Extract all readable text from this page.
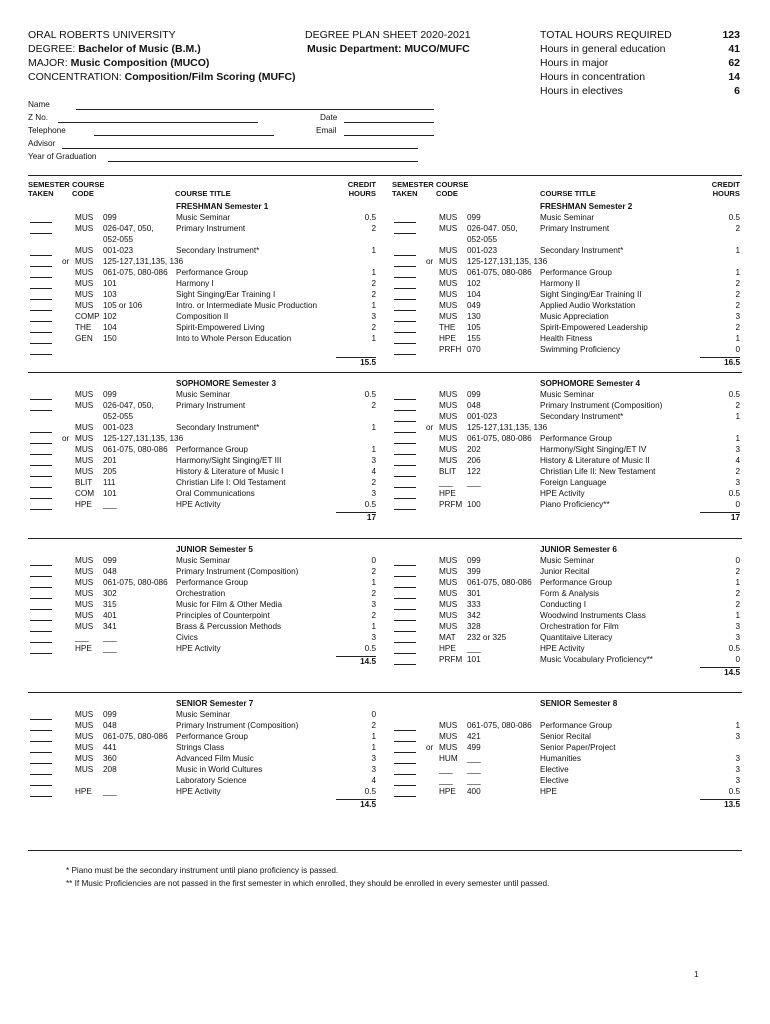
ORAL ROBERTS UNIVERSITY
DEGREE: Bachelor of Music (B.M.)
MAJOR: Music Composition (MUCO)
CONCENTRATION: Composition/Film Scoring (MUFC)
DEGREE PLAN SHEET 2020-2021
Music Department: MUCO/MUFC
TOTAL HOURS REQUIRED	123
Hours in general education	41
Hours in major	62
Hours in concentration	14
Hours in electives	6
Name
Z No.	Date
Telephone	Email
Advisor
Year of Graduation
SEMESTER TAKEN
COURSE CODE	COURSE TITLE
CREDIT HOURS
SEMESTER TAKEN
COURSE CODE	COURSE TITLE
CREDIT HOURS
FRESHMAN Semester 1
MUS 099	Music Seminar	0.5
MUS 026-047, 050,	Primary Instrument	2
052-055
MUS 001-023	Secondary Instrument*	1
or MUS 125-127,131,135, 136
MUS 061-075, 080-086 Performance Group	1
MUS 101	Harmony I	2
MUS 103	Sight Singing/Ear Training I	2
MUS 105 or 106	Intro. or Intermediate Music Production	1
COMP 102	Composition II	3
THE 104	Spirit-Empowered Living	2
GEN 150	Into to Whole Person Education	1
15.5
FRESHMAN Semester 2
MUS 099	Music Seminar	0.5
MUS 026-047. 050,	Primary Instrument	2
052-055
MUS 001-023	Secondary Instrument*	1
or MUS 125-127,131,135, 136
MUS 061-075, 080-086 Performance Group	1
MUS 102	Harmony II	2
MUS 104	Sight Singing/Ear Training II	2
MUS 049	Applied Audio Workstation	2
MUS 130	Music Appreciation	3
THE 105	Spirit-Empowered Leadership	2
HPE 155	Health Fitness	1
PRFH 070	Swimming Proficiency	0
16.5
SOPHOMORE Semester 3
MUS 099	Music Seminar	0.5
MUS 026-047, 050,	Primary Instrument	2
052-055
MUS 001-023	Secondary Instrument*	1
or MUS 125-127,131,135, 136
MUS 061-075, 080-086 Performance Group	1
MUS 201	Harmony/Sight Singing/ET III	3
MUS 205	History & Literature of Music I	4
BLIT 111	Christian Life I: Old Testament	2
COM 101	Oral Communications	3
HPE ___	HPE Activity	0.5
17
SOPHOMORE Semester 4
MUS 099	Music Seminar	0.5
MUS 048	Primary Instrument (Composition)	2
MUS 001-023	Secondary Instrument*	1
or MUS 125-127,131,135, 136
MUS 061-075, 080-086 Performance Group	1
MUS 202	Harmony/Sight Singing/ET IV	3
MUS 206	History & Literature of Music II	4
BLIT 122	Christian Life II: New Testament	2
___ ___	Foreign Language	3
HPE	HPE Activity	0.5
PRFM 100	Piano Proficiency**	0
17
JUNIOR Semester 5
MUS 099	Music Seminar	0
MUS 048	Primary Instrument (Composition)	2
MUS 061-075, 080-086 Performance Group	1
MUS 302	Orchestration	2
MUS 315	Music for Film & Other Media	3
MUS 401	Principles of Counterpoint	2
MUS 341	Brass & Percussion Methods	1
___ ___	Civics	3
HPE ___	HPE Activity	0.5
14.5
JUNIOR Semester 6
MUS 099	Music Seminar	0
MUS 399	Junior Recital	2
MUS 061-075, 080-086 Performance Group	1
MUS 301	Form & Analysis	2
MUS 333	Conducting I	2
MUS 342	Woodwind Instruments Class	1
MUS 328	Orchestration for Film	3
MAT 232 or 325	Quantitaive Literacy	3
HPE ___	HPE Activity	0.5
PRFM 101	Music Vocabulary Proficiency**	0
14.5
SENIOR Semester 7
MUS 099	Music Seminar	0
MUS 048	Primary Instrument (Composition)	2
MUS 061-075, 080-086 Performance Group	1
MUS 441	Strings Class	1
MUS 360	Advanced Film Music	3
MUS 208	Music in World Cultures	3
Laboratory Science	4
HPE ___	HPE Activity	0.5
14.5
SENIOR Semester 8
MUS 061-075, 080-086 Performance Group	1
MUS 421	Senior Recital	3
or MUS 499	Senior Paper/Project
HUM ___	Humanities	3
___ ___	Elective	3
___ ___	Elective	3
HPE 400	HPE	0.5
13.5
* Piano must be the secondary instrument until piano proficiency is passed.
** If Music Proficiencies are not passed in the first semester in which enrolled, they should be enrolled in every semester until passed.
1
